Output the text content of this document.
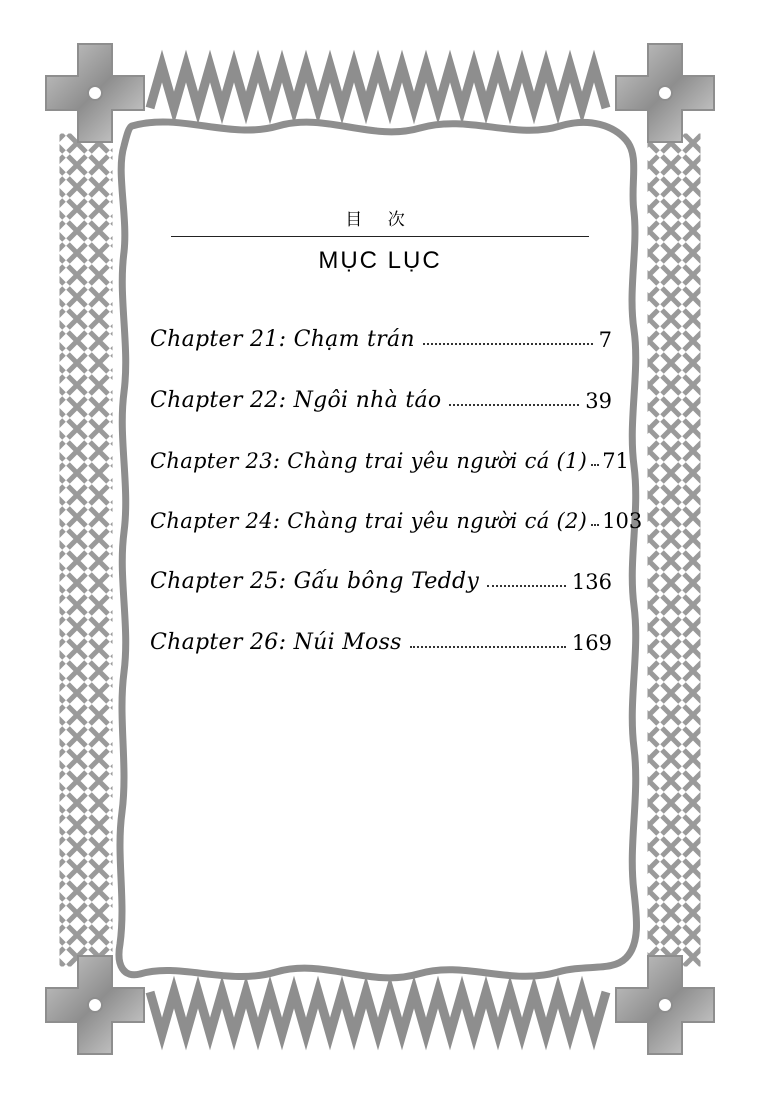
目 次
MỤC LỤC
Chapter 21: Chạm trán	7
Chapter 22: Ngôi nhà táo	39
Chapter 23: Chàng trai yêu người cá (1) 71
Chapter 24: Chàng trai yêu người cá (2) 103
Chapter 25: Gấu bông Teddy	136
Chapter 26: Núi Moss	169
